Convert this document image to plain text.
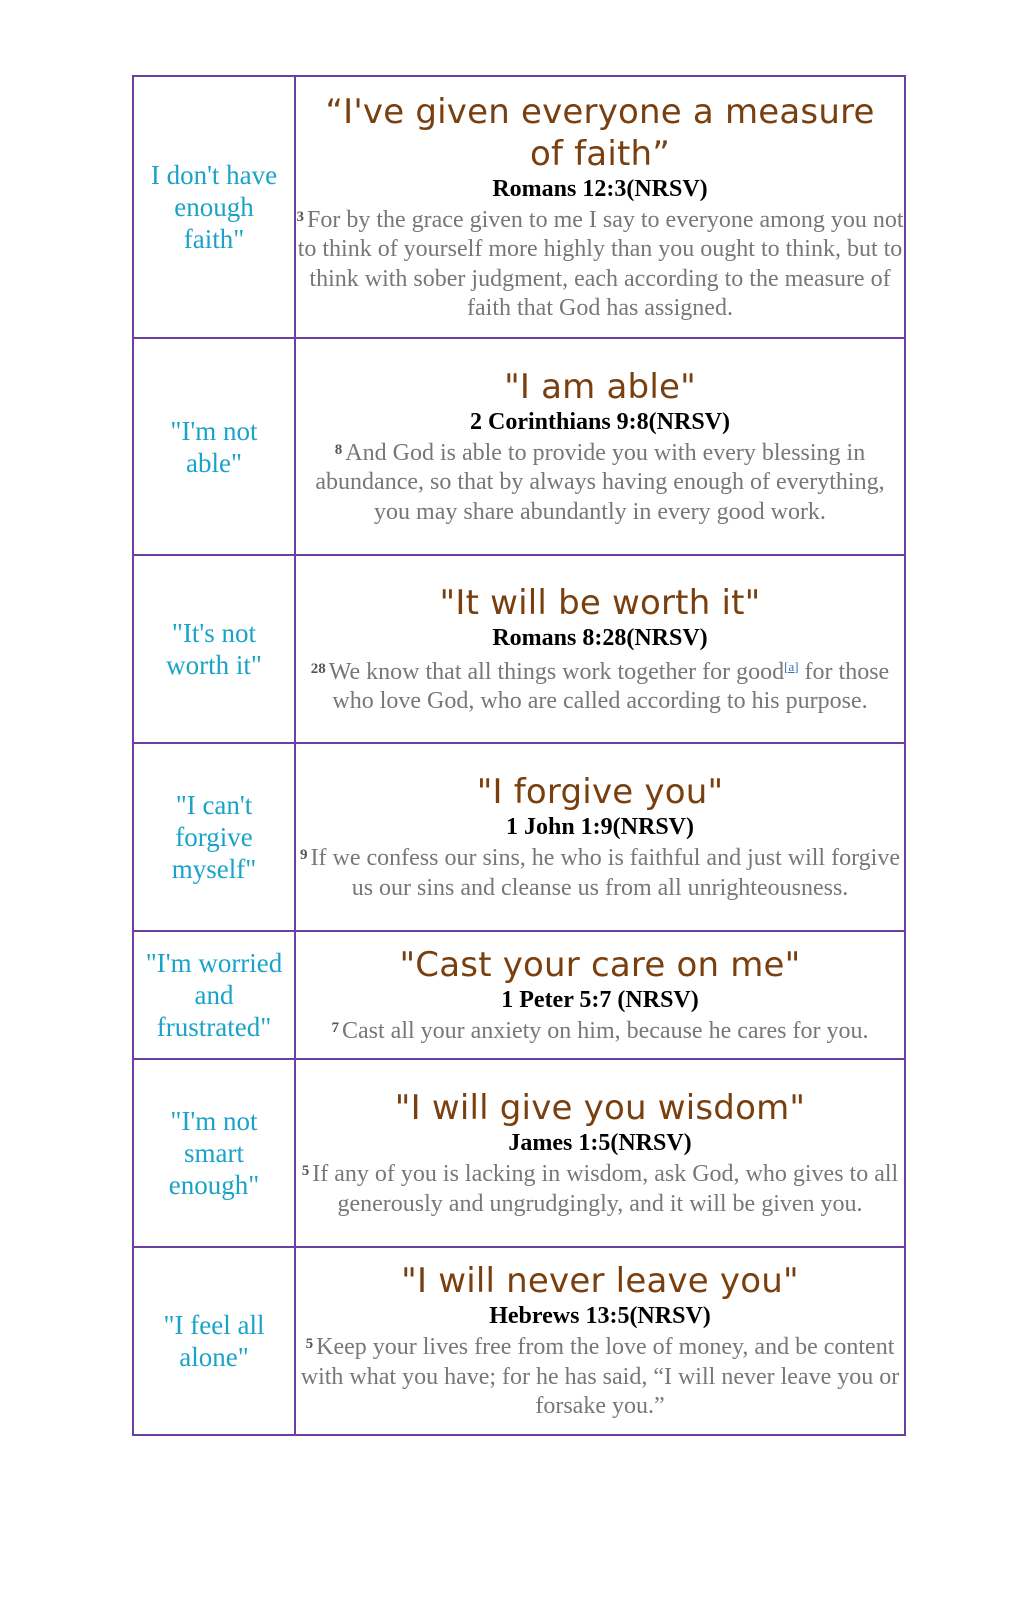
I don't have enough faith"	“I've given everyone a measure of faith”
Romans 12:3(NRSV)
$^3$ For by the grace given to me I say to everyone among you not to think of yourself more highly than you ought to think, but to think with sober judgment, each according to the measure of faith that God has assigned.

"I'm not able"	"I am able"
2 Corinthians 9:8(NRSV)
$^8$ And God is able to provide you with every blessing in abundance, so that by always having enough of everything, you may share abundantly in every good work.

"It's not worth it"	"It will be worth it"
Romans 8:28(NRSV)
$^{28}$ We know that all things work together for good[a] for those who love God, who are called according to his purpose.

"I can't forgive myself"	"I forgive you"
1 John 1:9(NRSV)
$^9$ If we confess our sins, he who is faithful and just will forgive us our sins and cleanse us from all unrighteousness.

"I'm worried and frustrated"	"Cast your care on me"
1 Peter 5:7 (NRSV)
$^7$ Cast all your anxiety on him, because he cares for you.

"I'm not smart enough"	"I will give you wisdom"
James 1:5(NRSV)
$^5$ If any of you is lacking in wisdom, ask God, who gives to all generously and ungrudgingly, and it will be given you.

"I feel all alone"	"I will never leave you"
Hebrews 13:5(NRSV)
$^5$ Keep your lives free from the love of money, and be content with what you have; for he has said, “I will never leave you or forsake you.”
